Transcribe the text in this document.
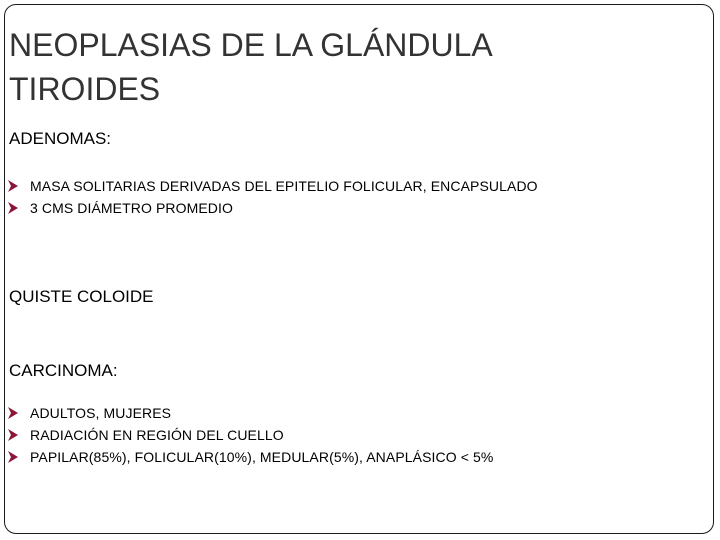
NEOPLASIAS DE LA GLÁNDULA
TIROIDES
ADENOMAS:
MASA SOLITARIAS DERIVADAS DEL EPITELIO FOLICULAR, ENCAPSULADO
3 CMS DIÁMETRO PROMEDIO
QUISTE COLOIDE
CARCINOMA:
ADULTOS, MUJERES
RADIACIÓN EN REGIÓN DEL CUELLO
PAPILAR(85%), FOLICULAR(10%), MEDULAR(5%), ANAPLÁSICO < 5%
